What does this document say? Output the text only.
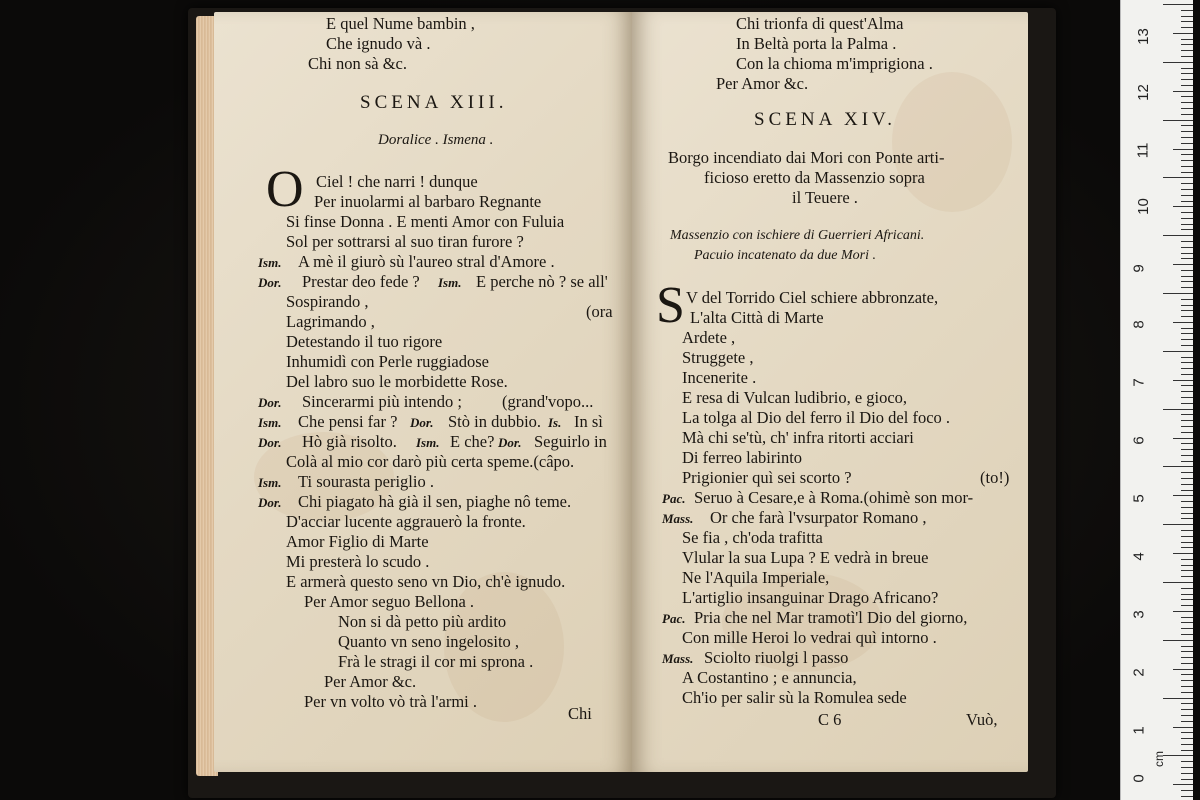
E quel Nume bambin ,
Che ignudo và .
Chi non sà &c.
SCENA XIII.
Doralice . Ismena .
O Ciel ! che narri ! dunque
Per inuolarmi al barbaro Regnante
Si finse Donna . E menti Amor con Fuluia
Sol per sottrarsi al suo tiran furore ?
Ism. A mè il giurò sù l'aureo stral d'Amore .
Dor. Prestar deo fede ? Ism. E perche nò ? se all'
Sospirando ,
(ora
Lagrimando ,
Detestando il tuo rigore
Inhumidì con Perle ruggiadose
Del labro suo le morbidette Rose.
Dor. Sincerarmi più intendo ; (grand'vopo...
Ism. Che pensi far ? Dor. Stò in dubbio. Is. In sì
Dor. Hò già risolto. Ism. E che? Dor. Seguirlo in
Colà al mio cor darò più certa speme.(câpo.
Ism. Ti sourasta periglio .
Dor. Chi piagato hà già il sen, piaghe nô teme.
D'acciar lucente aggrauerò la fronte.
Amor Figlio di Marte
Mi presterà lo scudo .
E armerà questo seno vn Dio, ch'è ignudo.
Per Amor seguo Bellona .
Non si dà petto più ardito
Quanto vn seno ingelosito ,
Frà le stragi il cor mi sprona .
Per Amor &c.
Per vn volto vò trà l'armi .
Chi
Chi trionfa di quest'Alma
In Beltà porta la Palma .
Con la chioma m'imprigiona .
Per Amor &c.
SCENA XIV.
Borgo incendiato dai Mori con Ponte arti-
ficioso eretto da Massenzio sopra
il Teuere .
Massenzio con ischiere di Guerrieri Africani.
Pacuio incatenato da due Mori .
S V del Torrido Ciel schiere abbronzate,
L'alta Città di Marte
Ardete ,
Struggete ,
Incenerite .
E resa di Vulcan ludibrio, e gioco,
La tolga al Dio del ferro il Dio del foco .
Mà chi se'tù, ch' infra ritorti acciari
Di ferreo labirinto
Prigionier quì sei scorto ?	(to!)
Pac. Seruo à Cesare,e à Roma.(ohimè son mor-
Mass. Or che farà l'vsurpator Romano ,
Se fia , ch'oda trafitta
Vlular la sua Lupa ? E vedrà in breue
Ne l'Aquila Imperiale,
L'artiglio insanguinar Drago Africano?
Pac. Pria che nel Mar tramotì'l Dio del giorno,
Con mille Heroi lo vedrai quì intorno .
Mass. Sciolto riuolgi l passo
A Costantino ; e annuncia,
Ch'io per salir sù la Romulea sede
C 6	Vuò,
13
12
11
10
9
8
7
6
5
4
3
2
1
0
cm
